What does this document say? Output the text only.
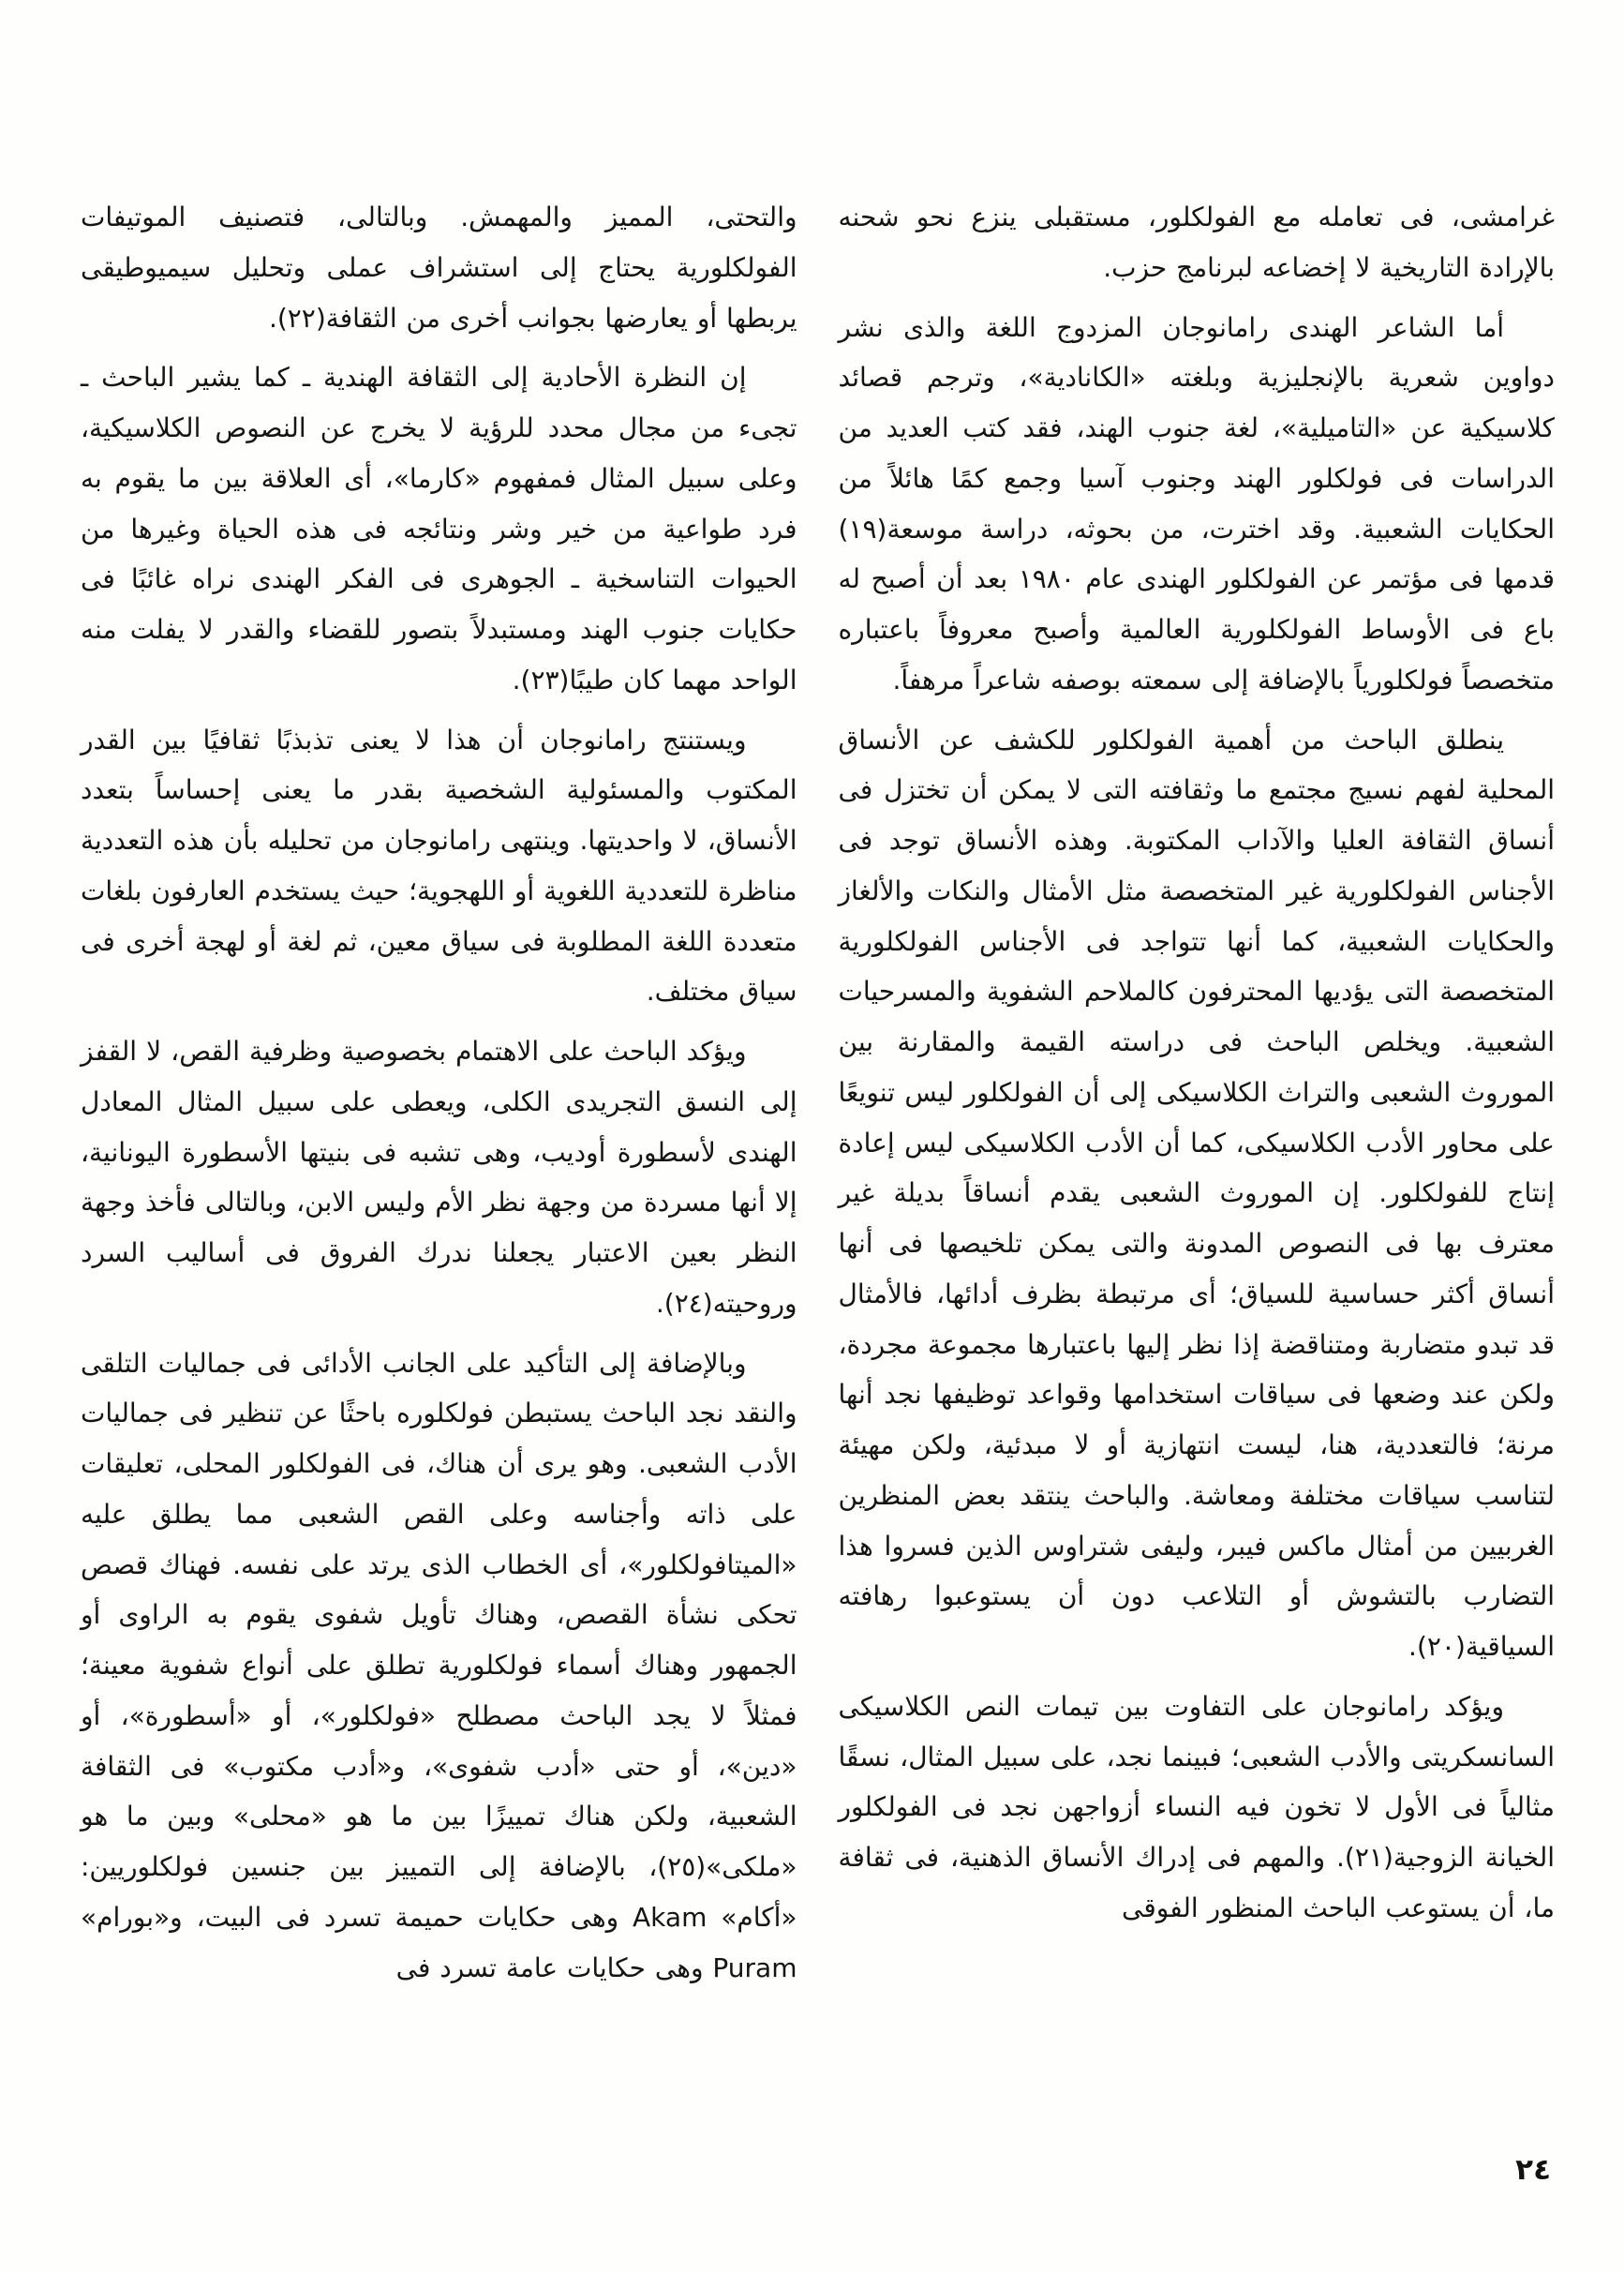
غرامشى، فى تعامله مع الفولكلور، مستقبلى ينزع نحو شحنه بالإرادة التاريخية لا إخضاعه لبرنامج حزب.

أما الشاعر الهندى رامانوجان المزدوج اللغة والذى نشر دواوين شعرية بالإنجليزية وبلغته «الكانادية»، وترجم قصائد كلاسيكية عن «التاميلية»، لغة جنوب الهند، فقد كتب العديد من الدراسات فى فولكلور الهند وجنوب آسيا وجمع كمًا هائلاً من الحكايات الشعبية. وقد اخترت، من بحوثه، دراسة موسعة(١٩) قدمها فى مؤتمر عن الفولكلور الهندى عام ١٩٨٠ بعد أن أصبح له باع فى الأوساط الفولكلورية العالمية وأصبح معروفاً باعتباره متخصصاً فولكلورياً بالإضافة إلى سمعته بوصفه شاعراً مرهفاً.

ينطلق الباحث من أهمية الفولكلور للكشف عن الأنساق المحلية لفهم نسيج مجتمع ما وثقافته التى لا يمكن أن تختزل فى أنساق الثقافة العليا والآداب المكتوبة. وهذه الأنساق توجد فى الأجناس الفولكلورية غير المتخصصة مثل الأمثال والنكات والألغاز والحكايات الشعبية، كما أنها تتواجد فى الأجناس الفولكلورية المتخصصة التى يؤديها المحترفون كالملاحم الشفوية والمسرحيات الشعبية. ويخلص الباحث فى دراسته القيمة والمقارنة بين الموروث الشعبى والتراث الكلاسيكى إلى أن الفولكلور ليس تنويعًا على محاور الأدب الكلاسيكى، كما أن الأدب الكلاسيكى ليس إعادة إنتاج للفولكلور. إن الموروث الشعبى يقدم أنساقاً بديلة غير معترف بها فى النصوص المدونة والتى يمكن تلخيصها فى أنها أنساق أكثر حساسية للسياق؛ أى مرتبطة بظرف أدائها، فالأمثال قد تبدو متضاربة ومتناقضة إذا نظر إليها باعتبارها مجموعة مجردة، ولكن عند وضعها فى سياقات استخدامها وقواعد توظيفها نجد أنها مرنة؛ فالتعددية، هنا، ليست انتهازية أو لا مبدئية، ولكن مهيئة لتناسب سياقات مختلفة ومعاشة. والباحث ينتقد بعض المنظرين الغربيين من أمثال ماكس فيبر، وليفى شتراوس الذين فسروا هذا التضارب بالتشوش أو التلاعب دون أن يستوعبوا رهافته السياقية(٢٠).

ويؤكد رامانوجان على التفاوت بين تيمات النص الكلاسيكى السانسكريتى والأدب الشعبى؛ فبينما نجد، على سبيل المثال، نسقًا مثالياً فى الأول لا تخون فيه النساء أزواجهن نجد فى الفولكلور الخيانة الزوجية(٢١). والمهم فى إدراك الأنساق الذهنية، فى ثقافة ما، أن يستوعب الباحث المنظور الفوقى

والتحتى، المميز والمهمش. وبالتالى، فتصنيف الموتيفات الفولكلورية يحتاج إلى استشراف عملى وتحليل سيميوطيقى يربطها أو يعارضها بجوانب أخرى من الثقافة(٢٢).

إن النظرة الأحادية إلى الثقافة الهندية ـ كما يشير الباحث ـ تجىء من مجال محدد للرؤية لا يخرج عن النصوص الكلاسيكية، وعلى سبيل المثال فمفهوم «كارما»، أى العلاقة بين ما يقوم به فرد طواعية من خير وشر ونتائجه فى هذه الحياة وغيرها من الحيوات التناسخية ـ الجوهرى فى الفكر الهندى نراه غائبًا فى حكايات جنوب الهند ومستبدلاً بتصور للقضاء والقدر لا يفلت منه الواحد مهما كان طيبًا(٢٣).

ويستنتج رامانوجان أن هذا لا يعنى تذبذبًا ثقافيًا بين القدر المكتوب والمسئولية الشخصية بقدر ما يعنى إحساساً بتعدد الأنساق، لا واحديتها. وينتهى رامانوجان من تحليله بأن هذه التعددية مناظرة للتعددية اللغوية أو اللهجوية؛ حيث يستخدم العارفون بلغات متعددة اللغة المطلوبة فى سياق معين، ثم لغة أو لهجة أخرى فى سياق مختلف.

ويؤكد الباحث على الاهتمام بخصوصية وظرفية القص، لا القفز إلى النسق التجريدى الكلى، ويعطى على سبيل المثال المعادل الهندى لأسطورة أوديب، وهى تشبه فى بنيتها الأسطورة اليونانية، إلا أنها مسردة من وجهة نظر الأم وليس الابن، وبالتالى فأخذ وجهة النظر بعين الاعتبار يجعلنا ندرك الفروق فى أساليب السرد وروحيته(٢٤).

وبالإضافة إلى التأكيد على الجانب الأدائى فى جماليات التلقى والنقد نجد الباحث يستبطن فولكلوره باحثًا عن تنظير فى جماليات الأدب الشعبى. وهو يرى أن هناك، فى الفولكلور المحلى، تعليقات على ذاته وأجناسه وعلى القص الشعبى مما يطلق عليه «الميتافولكلور»، أى الخطاب الذى يرتد على نفسه. فهناك قصص تحكى نشأة القصص، وهناك تأويل شفوى يقوم به الراوى أو الجمهور وهناك أسماء فولكلورية تطلق على أنواع شفوية معينة؛ فمثلاً لا يجد الباحث مصطلح «فولكلور»، أو «أسطورة»، أو «دين»، أو حتى «أدب شفوى»، و«أدب مكتوب» فى الثقافة الشعبية، ولكن هناك تمييزًا بين ما هو «محلى» وبين ما هو «ملكى»(٢٥)، بالإضافة إلى التمييز بين جنسين فولكلوريين: «أكام» Akam وهى حكايات حميمة تسرد فى البيت، و«بورام» Puram وهى حكايات عامة تسرد فى

٢٤
